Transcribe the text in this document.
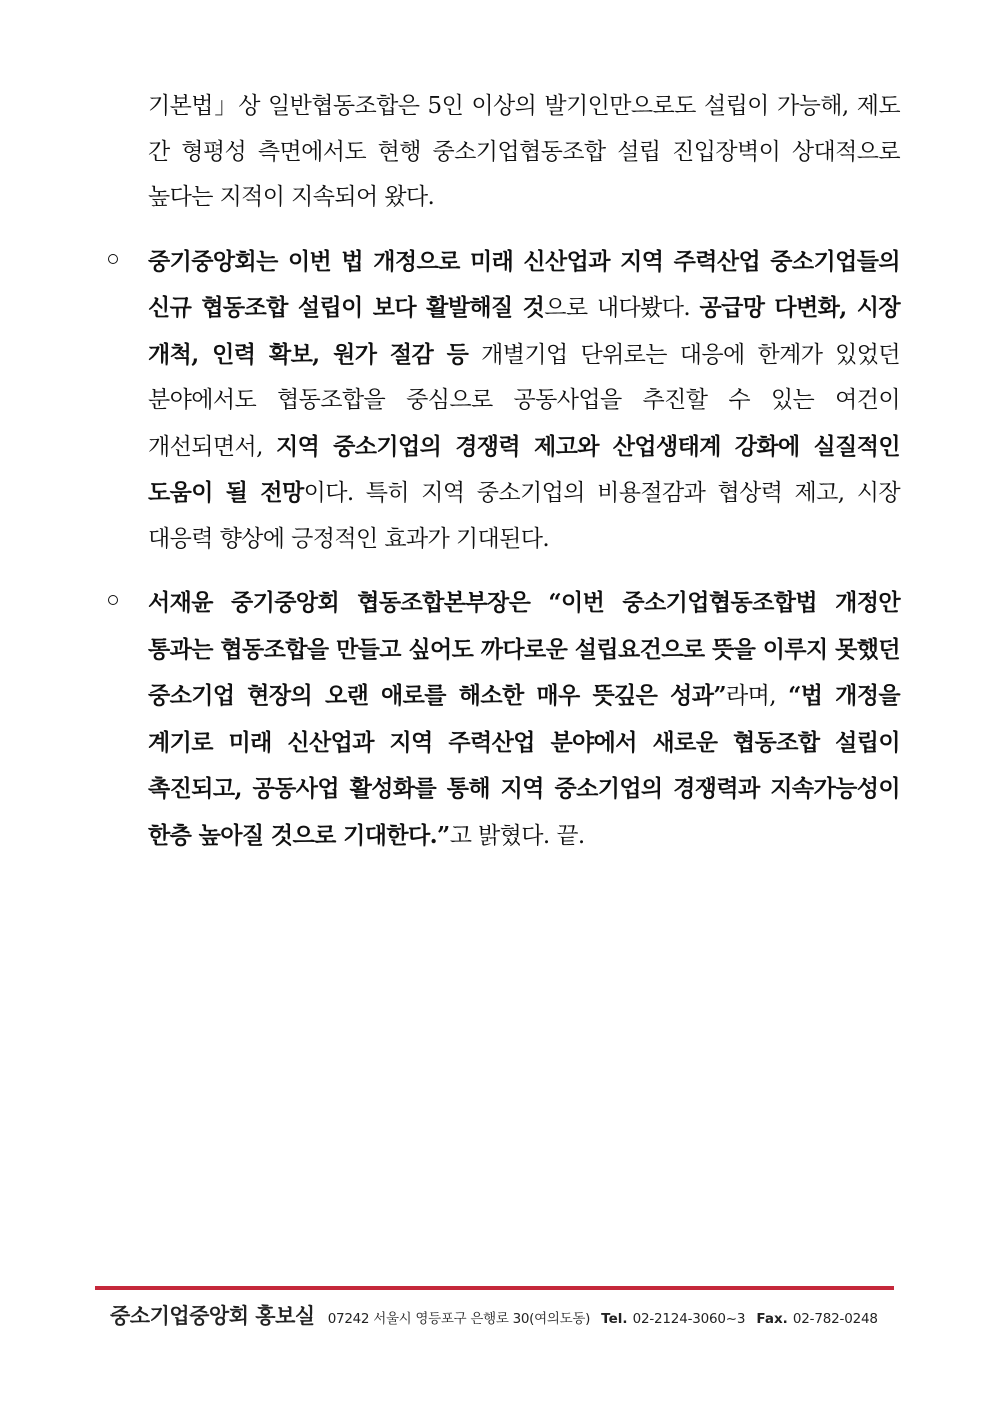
기본법」상 일반협동조합은 5인 이상의 발기인만으로도 설립이 가능해, 제도 간 형평성 측면에서도 현행 중소기업협동조합 설립 진입장벽이 상대적으로 높다는 지적이 지속되어 왔다.
중기중앙회는 이번 법 개정으로 미래 신산업과 지역 주력산업 중소기업들의 신규 협동조합 설립이 보다 활발해질 것으로 내다봤다. 공급망 다변화, 시장 개척, 인력 확보, 원가 절감 등 개별기업 단위로는 대응에 한계가 있었던 분야에서도 협동조합을 중심으로 공동사업을 추진할 수 있는 여건이 개선되면서, 지역 중소기업의 경쟁력 제고와 산업생태계 강화에 실질적인 도움이 될 전망이다. 특히 지역 중소기업의 비용절감과 협상력 제고, 시장 대응력 향상에 긍정적인 효과가 기대된다.
서재윤 중기중앙회 협동조합본부장은 “이번 중소기업협동조합법 개정안 통과는 협동조합을 만들고 싶어도 까다로운 설립요건으로 뜻을 이루지 못했던 중소기업 현장의 오랜 애로를 해소한 매우 뜻깊은 성과”라며, “법 개정을 계기로 미래 신산업과 지역 주력산업 분야에서 새로운 협동조합 설립이 촉진되고, 공동사업 활성화를 통해 지역 중소기업의 경쟁력과 지속가능성이 한층 높아질 것으로 기대한다.”고 밝혔다. 끝.
중소기업중앙회 홍보실 07242 서울시 영등포구 은행로 30(여의도동) Tel. 02-2124-3060~3 Fax. 02-782-0248
